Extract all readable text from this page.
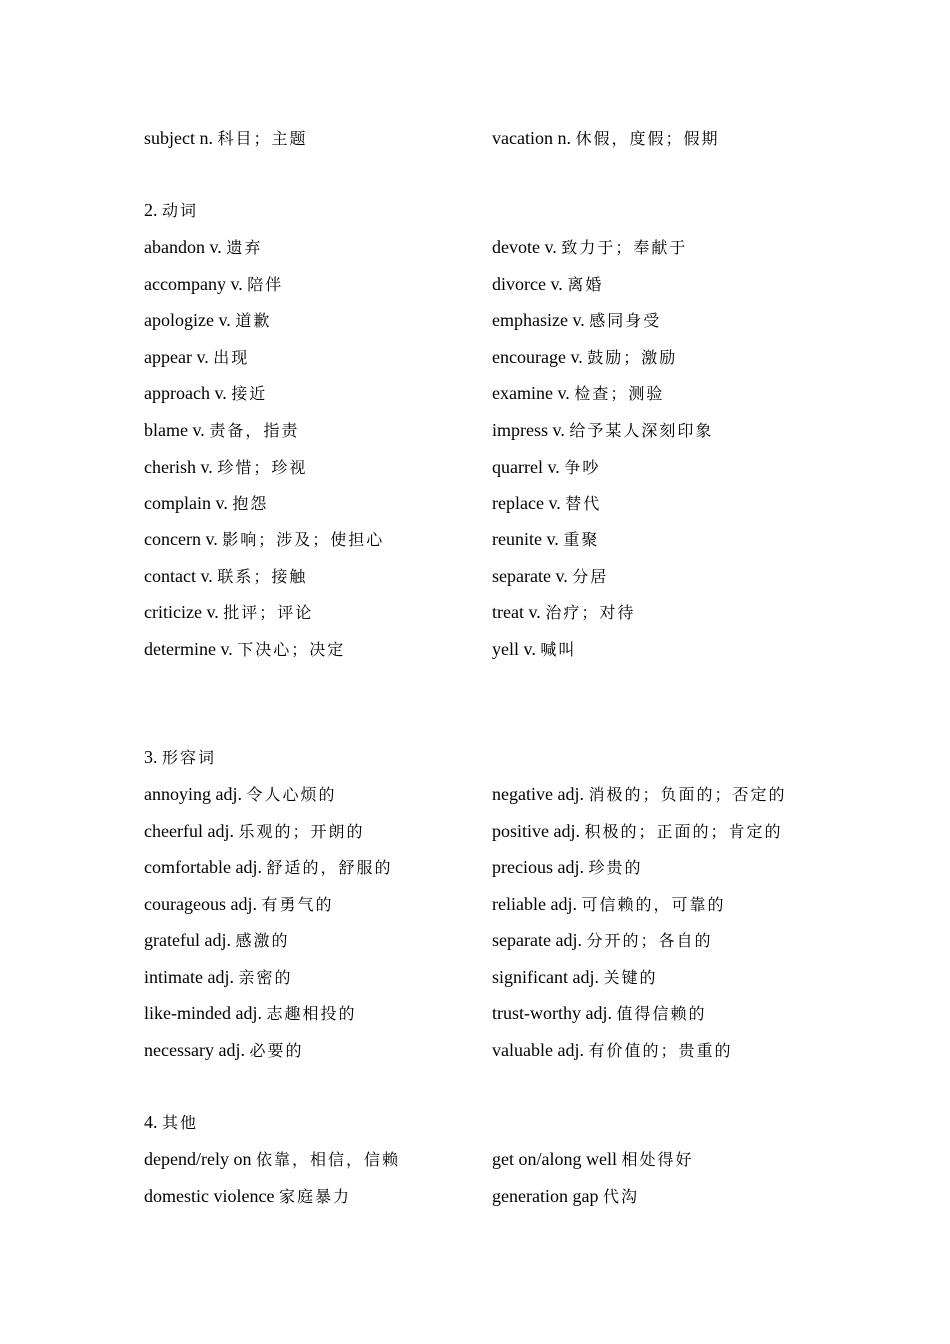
subject n. 科目；主题	vacation n. 休假，度假；假期
2. 动词
abandon v. 遗弃
accompany v. 陪伴
apologize v. 道歉
appear v. 出现
approach v. 接近
blame v. 责备，指责
cherish v. 珍惜；珍视
complain v. 抱怨
concern v. 影响；涉及；使担心
contact v. 联系；接触
criticize v. 批评；评论
determine v. 下决心；决定
devote v. 致力于；奉献于
divorce v. 离婚
emphasize v. 感同身受
encourage v. 鼓励；激励
examine v. 检查；测验
impress v. 给予某人深刻印象
quarrel v. 争吵
replace v. 替代
reunite v. 重聚
separate v. 分居
treat v. 治疗；对待
yell v. 喊叫
3. 形容词
annoying adj. 令人心烦的
cheerful adj. 乐观的；开朗的
comfortable adj. 舒适的，舒服的
courageous adj. 有勇气的
grateful adj. 感激的
intimate adj. 亲密的
like-minded adj. 志趣相投的
necessary adj. 必要的
negative adj. 消极的；负面的；否定的
positive adj. 积极的；正面的；肯定的
precious adj. 珍贵的
reliable adj. 可信赖的，可靠的
separate adj. 分开的；各自的
significant adj. 关键的
trust-worthy adj. 值得信赖的
valuable adj. 有价值的；贵重的
4. 其他
depend/rely on 依靠，相信，信赖
domestic violence 家庭暴力
get on/along well 相处得好
generation gap 代沟
